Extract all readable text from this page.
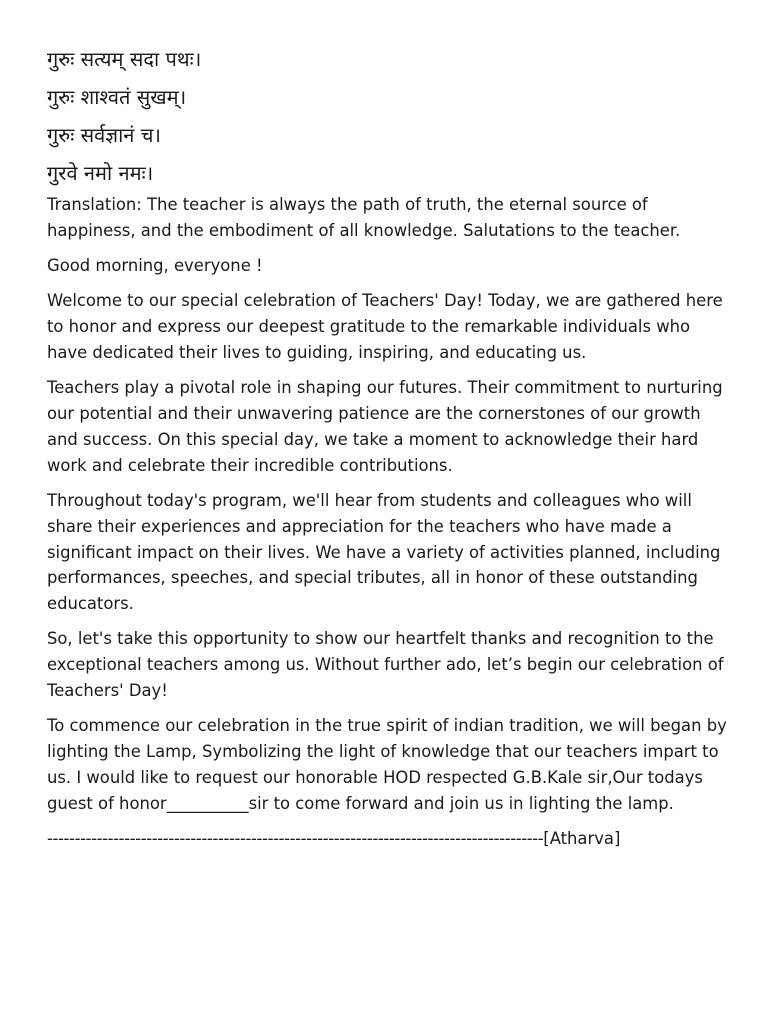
गुरुः सत्यम् सदा पथः।
गुरुः शाश्वतं सुखम्।
गुरुः सर्वज्ञानं च।
गुरवे नमो नमः।

Translation: The teacher is always the path of truth, the eternal source of happiness, and the embodiment of all knowledge. Salutations to the teacher.

Good morning, everyone !

Welcome to our special celebration of Teachers' Day! Today, we are gathered here to honor and express our deepest gratitude to the remarkable individuals who have dedicated their lives to guiding, inspiring, and educating us.

Teachers play a pivotal role in shaping our futures. Their commitment to nurturing our potential and their unwavering patience are the cornerstones of our growth and success. On this special day, we take a moment to acknowledge their hard work and celebrate their incredible contributions.

Throughout today's program, we'll hear from students and colleagues who will share their experiences and appreciation for the teachers who have made a significant impact on their lives. We have a variety of activities planned, including performances, speeches, and special tributes, all in honor of these outstanding educators.

So, let's take this opportunity to show our heartfelt thanks and recognition to the exceptional teachers among us. Without further ado, let’s begin our celebration of Teachers' Day!

To commence our celebration in the true spirit of indian tradition, we will began by lighting the Lamp, Symbolizing the light of knowledge that our teachers impart to us. I would like to request our honorable HOD respected G.B.Kale sir,Our todays guest of honor__________sir to come forward and join us in lighting the lamp.

------------------------------------------------------------------------------------------[Atharva]
